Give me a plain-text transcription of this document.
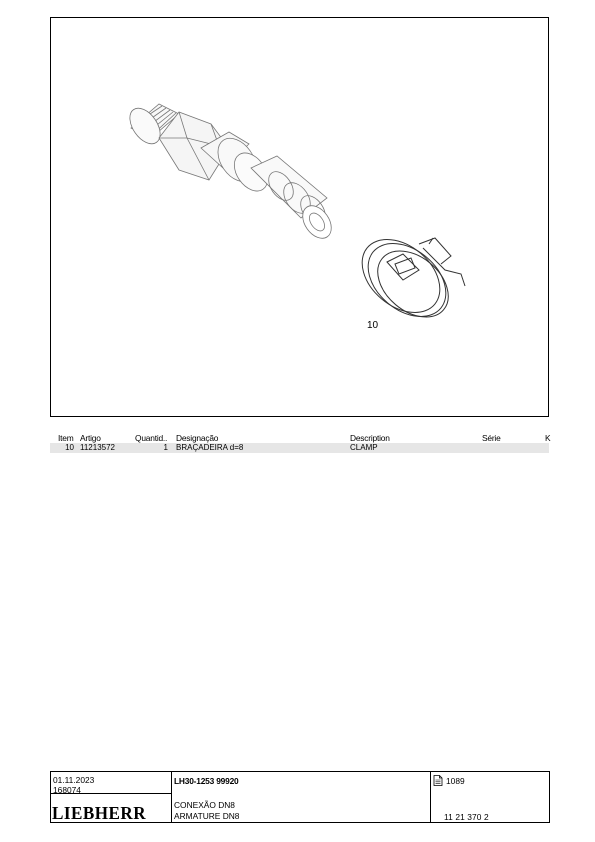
10
Item Artigo	Quantid.. Designação	Description	Série	K
10 11213572	1 BRAÇADEIRA d=8	CLAMP
01.11.2023
168074
LIEBHERR
LH30-1253 99920
CONEXÃO DN8
ARMATURE DN8
1089
11 21 370 2
